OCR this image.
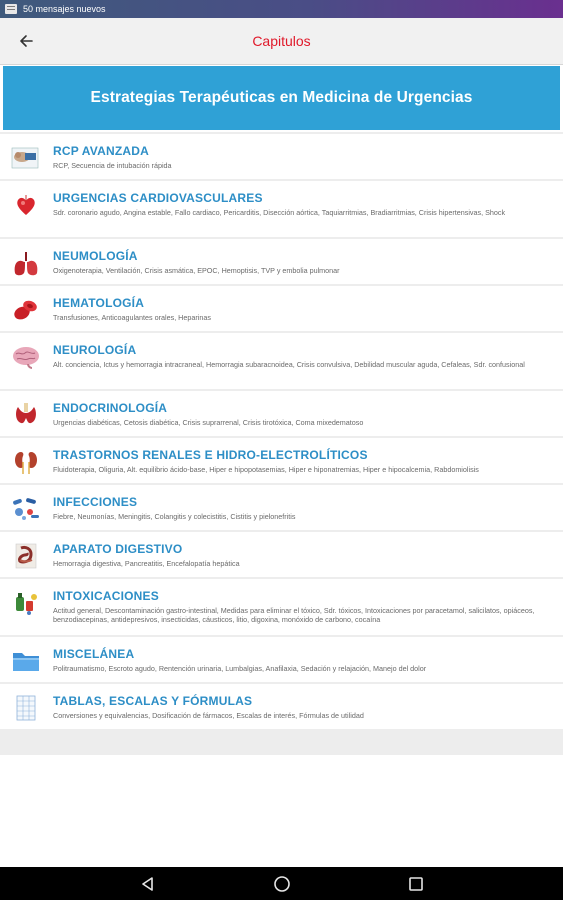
50 mensajes nuevos
Capitulos
Estrategias Terapéuticas en Medicina de Urgencias
RCP AVANZADA
RCP, Secuencia de intubación rápida
URGENCIAS CARDIOVASCULARES
Sdr. coronario agudo, Angina estable, Fallo cardiaco, Pericarditis, Disección aórtica, Taquiarritmias, Bradiarritmias, Crisis hipertensivas, Shock
NEUMOLOGÍA
Oxigenoterapia, Ventilación, Crisis asmática, EPOC, Hemoptisis, TVP y embolia pulmonar
HEMATOLOGÍA
Transfusiones, Anticoagulantes orales, Heparinas
NEUROLOGÍA
Alt. conciencia, Ictus y hemorragia intracraneal, Hemorragia subaracnoidea, Crisis convulsiva, Debilidad muscular aguda, Cefaleas, Sdr. confusional
ENDOCRINOLOGÍA
Urgencias diabéticas, Cetosis diabética, Crisis suprarrenal, Crisis tirotóxica, Coma mixedematoso
TRASTORNOS RENALES E HIDRO-ELECTROLÍTICOS
Fluidoterapia, Oliguria, Alt. equilibrio ácido-base, Hiper e hipopotasemias, Hiper e hiponatremias, Hiper e hipocalcemia, Rabdomiolisis
INFECCIONES
Fiebre, Neumonías, Meningitis, Colangitis y colecistitis, Cistitis y pielonefritis
APARATO DIGESTIVO
Hemorragia digestiva, Pancreatitis, Encefalopatía hepática
INTOXICACIONES
Actitud general, Descontaminación gastro-intestinal, Medidas para eliminar el tóxico, Sdr. tóxicos, Intoxicaciones por paracetamol, salicilatos, opiáceos, benzodiacepinas, antidepresivos, insecticidas, cáusticos, litio, digoxina, monóxido de carbono, cocaína
MISCELÁNEA
Politraumatismo, Escroto agudo, Rentención urinaria, Lumbalgias, Anafilaxia, Sedación y relajación, Manejo del dolor
TABLAS, ESCALAS Y FÓRMULAS
Conversiones y equivalencias, Dosificación de fármacos, Escalas de interés, Fórmulas de utilidad
